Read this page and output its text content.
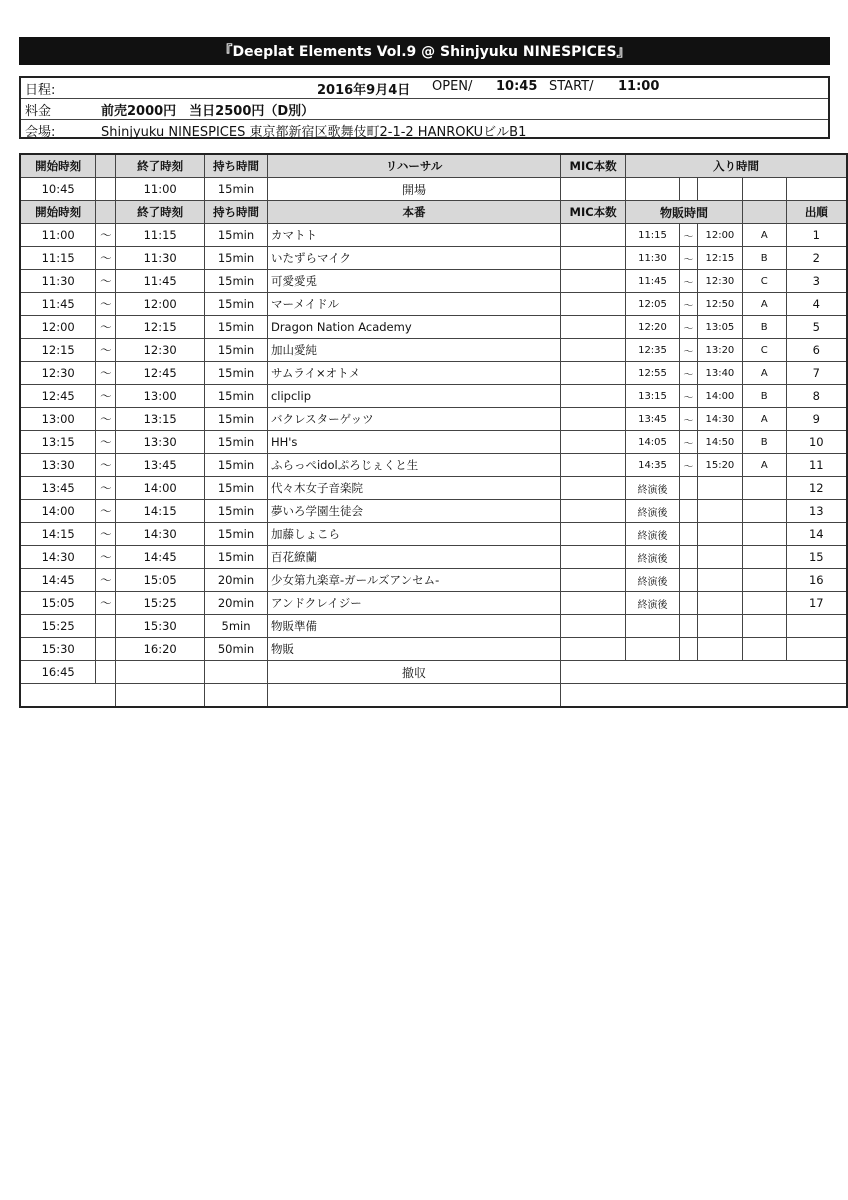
『Deeplat Elements Vol.9 @ Shinjyuku NINESPICES』
日程:	2016年9月4日 OPEN/ 10:45 START/ 11:00
料金	前売2000円　当日2500円（D別）
会場:	Shinjyuku NINESPICES 東京都新宿区歌舞伎町2-1-2 HANROKUビルB1
開始時刻		終了時刻	持ち時間	リハーサル	MIC本数	入り時間				
10:45		11:00	15min	開場						
開始時刻		終了時刻	持ち時間	本番	MIC本数	物販時間				出順
11:00	〜	11:15	15min	カマトト		11:15	〜	12:00	A	1
11:15	〜	11:30	15min	いたずらマイク		11:30	〜	12:15	B	2
11:30	〜	11:45	15min	可愛愛兎		11:45	〜	12:30	C	3
11:45	〜	12:00	15min	マーメイドル		12:05	〜	12:50	A	4
12:00	〜	12:15	15min	Dragon Nation Academy		12:20	〜	13:05	B	5
12:15	〜	12:30	15min	加山愛純		12:35	〜	13:20	C	6
12:30	〜	12:45	15min	サムライ×オトメ		12:55	〜	13:40	A	7
12:45	〜	13:00	15min	clipclip		13:15	〜	14:00	B	8
13:00	〜	13:15	15min	バクレスターゲッツ		13:45	〜	14:30	A	9
13:15	〜	13:30	15min	HH's		14:05	〜	14:50	B	10
13:30	〜	13:45	15min	ふらっぺidolぷろじぇくと生		14:35	〜	15:20	A	11
13:45	〜	14:00	15min	代々木女子音楽院		終演後				12
14:00	〜	14:15	15min	夢いろ学園生徒会		終演後				13
14:15	〜	14:30	15min	加藤しょこら		終演後				14
14:30	〜	14:45	15min	百花繚蘭		終演後				15
14:45	〜	15:05	20min	少女第九楽章-ガールズアンセム-		終演後				16
15:05	〜	15:25	20min	アンドクレイジー		終演後				17
15:25		15:30	5min	物販準備						
15:30		16:20	50min	物販						
16:45				撤収						
